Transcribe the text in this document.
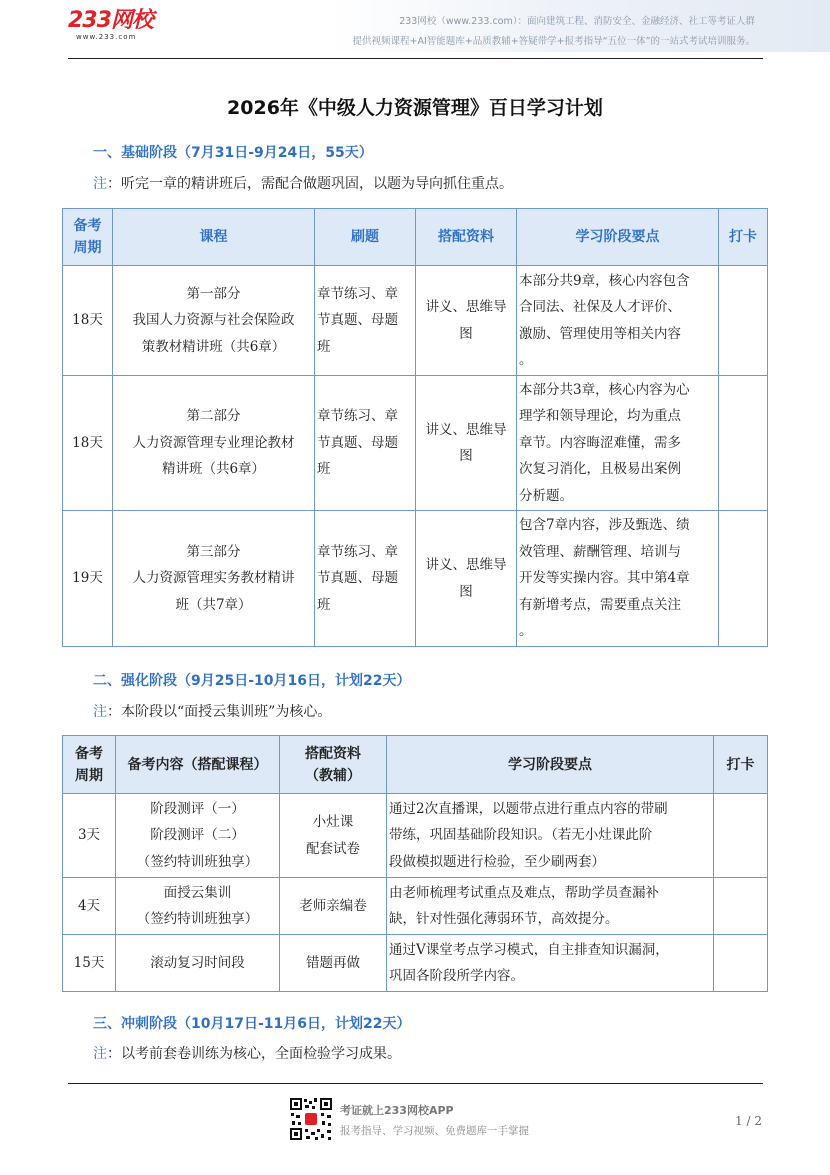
233网校
www.233.com
233网校（www.233.com）：面向建筑工程、消防安全、金融经济、社工等考证人群
提供视频课程+AI智能题库+品质教辅+答疑带学+报考指导“五位一体”的一站式考试培训服务。
2026年《中级人力资源管理》百日学习计划
一、基础阶段（7月31日-9月24日，55天）
注：听完一章的精讲班后，需配合做题巩固，以题为导向抓住重点。
备考
周期	课程	刷题	搭配资料	学习阶段要点	打卡
18天	第一部分
我国人力资源与社会保险政
策教材精讲班（共6章）	章节练习、章
节真题、母题
班	讲义、思维导
图	本部分共9章，核心内容包含
合同法、社保及人才评价、
激励、管理使用等相关内容
。	

18天	第二部分
人力资源管理专业理论教材
精讲班（共6章）	章节练习、章
节真题、母题
班	讲义、思维导
图	本部分共3章，核心内容为心
理学和领导理论，均为重点
章节。内容晦涩难懂，需多
次复习消化，且极易出案例
分析题。	

19天	第三部分
人力资源管理实务教材精讲
班（共7章）	章节练习、章
节真题、母题
班	讲义、思维导
图	包含7章内容，涉及甄选、绩
效管理、薪酬管理、培训与
开发等实操内容。其中第4章
有新增考点，需要重点关注
。	

二、强化阶段（9月25日-10月16日，计划22天）
注：本阶段以“面授云集训班”为核心。
备考
周期	备考内容（搭配课程）	搭配资料
（教辅）	学习阶段要点	打卡
3天	阶段测评（一）
阶段测评（二）
（签约特训班独享）	小灶课
配套试卷	通过2次直播课，以题带点进行重点内容的带刷
带练，巩固基础阶段知识。（若无小灶课此阶
段做模拟题进行检验，至少刷两套）	

4天	面授云集训
（签约特训班独享）	老师亲编卷	由老师梳理考试重点及难点，帮助学员查漏补
缺，针对性强化薄弱环节，高效提分。	

15天	滚动复习时间段	错题再做	通过V课堂考点学习模式，自主排查知识漏洞，
巩固各阶段所学内容。	

三、冲刺阶段（10月17日-11月6日，计划22天）
注：以考前套卷训练为核心，全面检验学习成果。
考证就上233网校APP
报考指导、学习视频、免费题库一手掌握
1 / 2
